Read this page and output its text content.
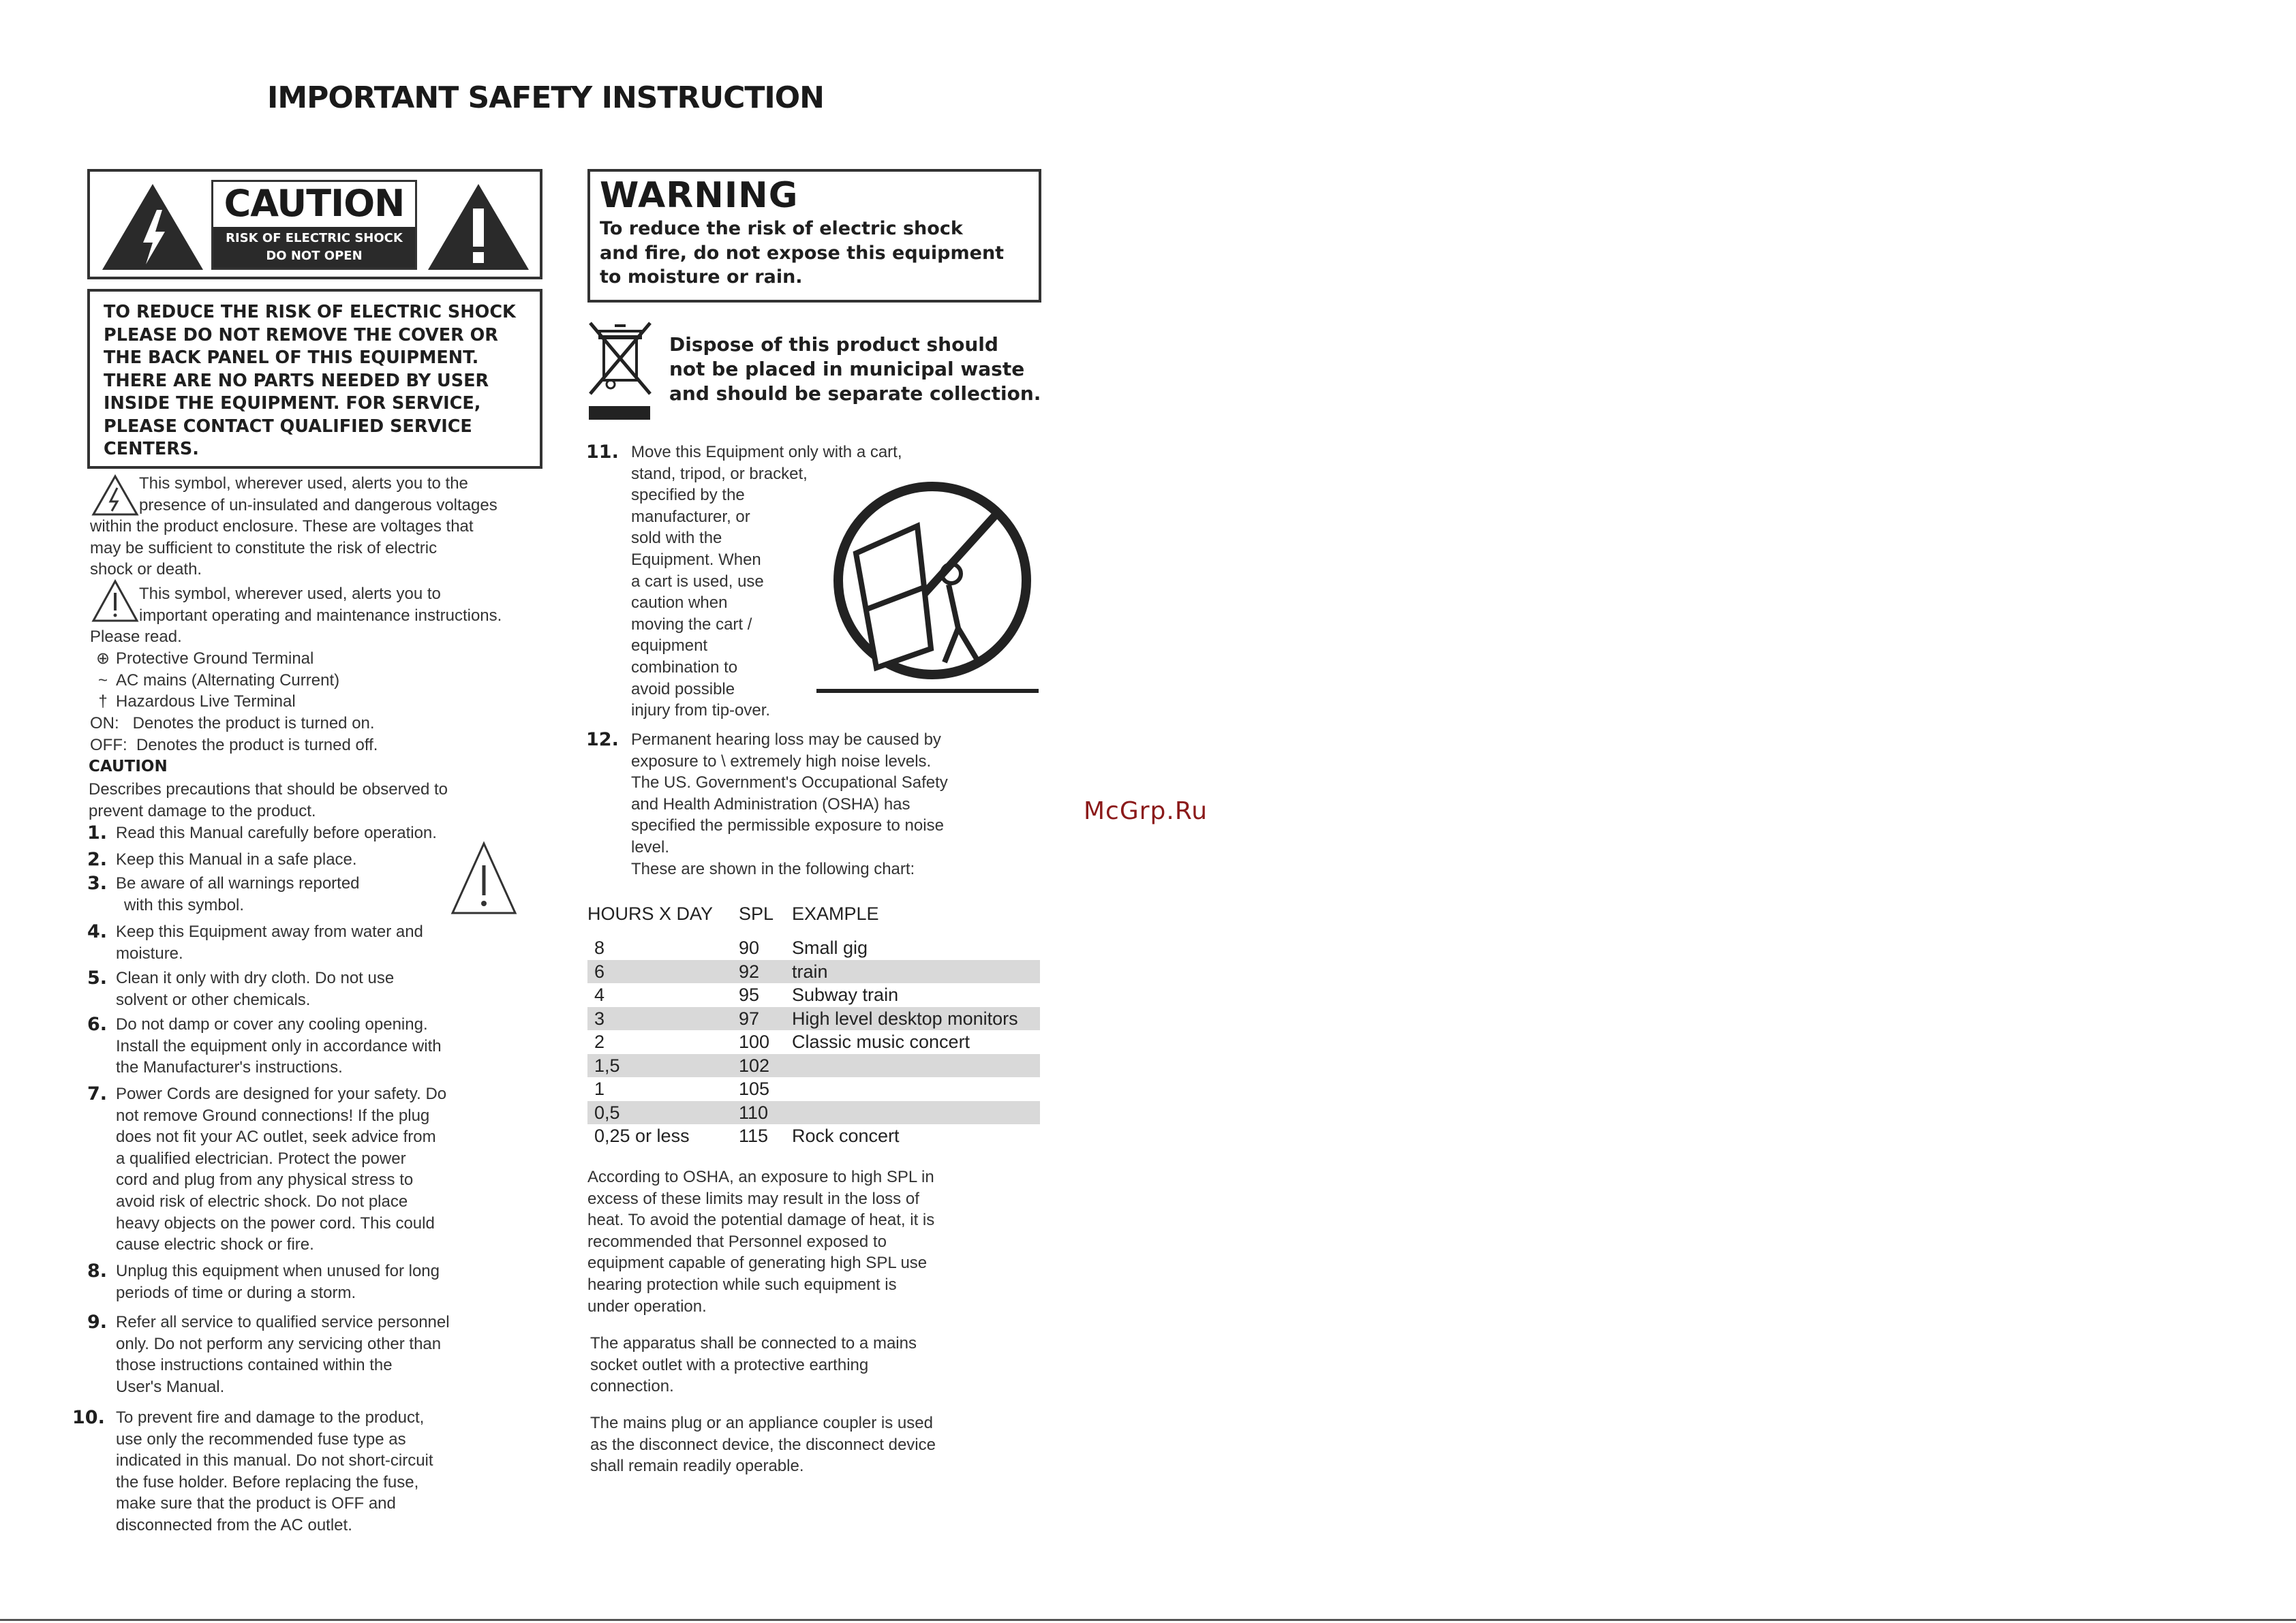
IMPORTANT SAFETY INSTRUCTION
CAUTION
RISK OF ELECTRIC SHOCK
DO NOT OPEN
TO REDUCE THE RISK OF ELECTRIC SHOCK
PLEASE DO NOT REMOVE THE COVER OR
THE BACK PANEL OF THIS EQUIPMENT.
THERE ARE NO PARTS NEEDED BY USER
INSIDE THE EQUIPMENT. FOR SERVICE,
PLEASE CONTACT QUALIFIED SERVICE
CENTERS.
This symbol, wherever used, alerts you to the
presence of un-insulated and dangerous voltages
within the product enclosure. These are voltages that
may be sufficient to constitute the risk of electric
shock or death.
This symbol, wherever used, alerts you to
important operating and maintenance instructions.
Please read.
⊕ Protective Ground Terminal
~ AC mains (Alternating Current)
† Hazardous Live Terminal
ON:   Denotes the product is turned on.
OFF:  Denotes the product is turned off.
CAUTION
Describes precautions that should be observed to
prevent damage to the product.
1. Read this Manual carefully before operation.
2. Keep this Manual in a safe place.
3. Be aware of all warnings reported
with this symbol.
4. Keep this Equipment away from water and
moisture.
5. Clean it only with dry cloth. Do not use
solvent or other chemicals.
6. Do not damp or cover any cooling opening.
Install the equipment only in accordance with
the Manufacturer's instructions.
7. Power Cords are designed for your safety. Do
not remove Ground connections! If the plug
does not fit your AC outlet, seek advice from
a qualified electrician. Protect the power
cord and plug from any physical stress to
avoid risk of electric shock. Do not place
heavy objects on the power cord. This could
cause electric shock or fire.
8. Unplug this equipment when unused for long
periods of time or during a storm.
9. Refer all service to qualified service personnel
only. Do not perform any servicing other than
those instructions contained within the
User's Manual.
10. To prevent fire and damage to the product,
use only the recommended fuse type as
indicated in this manual. Do not short-circuit
the fuse holder. Before replacing the fuse,
make sure that the product is OFF and
disconnected from the AC outlet.
WARNING
To reduce the risk of electric shock
and fire, do not expose this equipment
to moisture or rain.
Dispose of this product should
not be placed in municipal waste
and should be separate collection.
11. Move this Equipment only with a cart,
stand, tripod, or bracket,
specified by the
manufacturer, or
sold with the
Equipment. When
a cart is used, use
caution when
moving the cart /
equipment
combination to
avoid possible
injury from tip-over.
12. Permanent hearing loss may be caused by
exposure to \ extremely high noise levels.
The US. Government's Occupational Safety
and Health Administration (OSHA) has
specified the permissible exposure to noise
level.
These are shown in the following chart:
HOURS X DAY	SPL	EXAMPLE
8	90	Small gig
6	92	train
4	95	Subway train
3	97	High level desktop monitors
2	100	Classic music concert
1,5	102	
1	105	
0,5	110	
0,25 or less	115	Rock concert
According to OSHA, an exposure to high SPL in
excess of these limits may result in the loss of
heat. To avoid the potential damage of heat, it is
recommended that Personnel exposed to
equipment capable of generating high SPL use
hearing protection while such equipment is
under operation.
The apparatus shall be connected to a mains
socket outlet with a protective earthing
connection.
The mains plug or an appliance coupler is used
as the disconnect device, the disconnect device
shall remain readily operable.
McGrp.Ru
